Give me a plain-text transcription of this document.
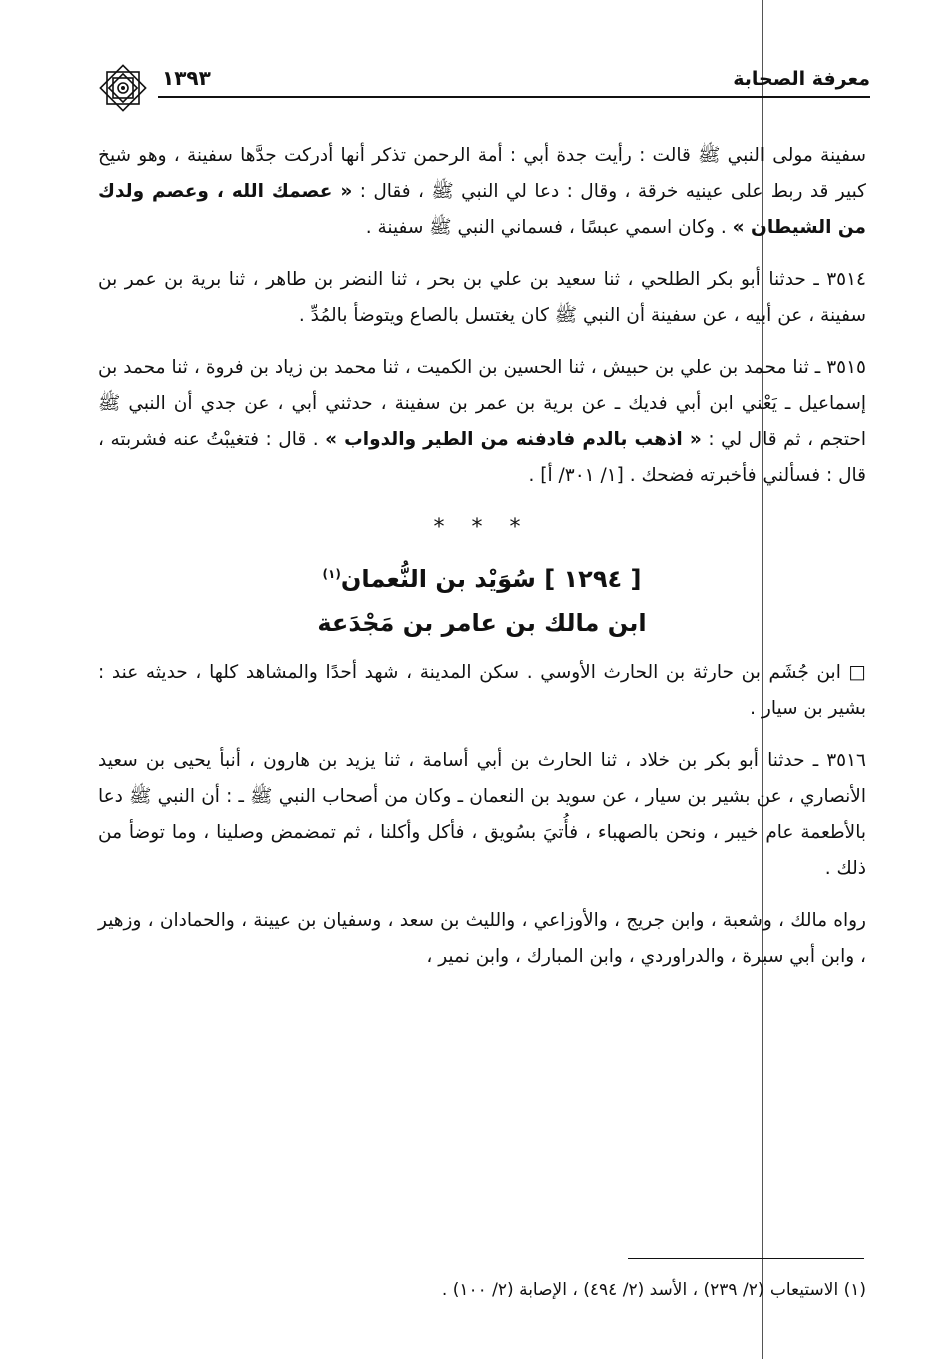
معرفة الصحابة
١٣٩٣

سفينة مولى النبي ﷺ قالت : رأيت جدة أبي : أمة الرحمن تذكر أنها أدركت جدَّها سفينة ، وهو شيخ كبير قد ربط على عينيه خرقة ، وقال : دعا لي النبي ﷺ ، فقال : « عصمك الله ، وعصم ولدك من الشيطان » . وكان اسمي عبسًا ، فسماني النبي ﷺ سفينة .

٣٥١٤ ـ حدثنا أبو بكر الطلحي ، ثنا سعيد بن علي بن بحر ، ثنا النضر بن طاهر ، ثنا برية بن عمر بن سفينة ، عن أبيه ، عن سفينة أن النبي ﷺ كان يغتسل بالصاع ويتوضأ بالمُدِّ .

٣٥١٥ ـ ثنا محمد بن علي بن حبيش ، ثنا الحسين بن الكميت ، ثنا محمد بن زياد بن فروة ، ثنا محمد بن إسماعيل ـ يَعْني ابن أبي فديك ـ عن برية بن عمر بن سفينة ، حدثني أبي ، عن جدي أن النبي ﷺ احتجم ، ثم قال لي : « اذهب بالدم فادفنه من الطير والدواب » . قال : فتغيبْتُ عنه فشربته ، قال : فسألني فأخبرته فضحك . [١/ ٣٠١/ أ] .

* * *
[ ١٢٩٤ ] سُوَيْد بن النُّعمان$^{(١)}$
ابن مالك بن عامر بن مَجْدَعة

□ ابن جُشَم بن حارثة بن الحارث الأوسي . سكن المدينة ، شهد أحدًا والمشاهد كلها ، حديثه عند : بشير بن سيار .

٣٥١٦ ـ حدثنا أبو بكر بن خلاد ، ثنا الحارث بن أبي أسامة ، ثنا يزيد بن هارون ، أنبأ يحيى بن سعيد الأنصاري ، عن بشير بن سيار ، عن سويد بن النعمان ـ وكان من أصحاب النبي ﷺ ـ : أن النبي ﷺ دعا بالأطعمة عام خيبر ، ونحن بالصهباء ، فأُتيَ بسُويق ، فأكل وأكلنا ، ثم تمضمض وصلينا ، وما توضأ من ذلك .

رواه مالك ، وشعبة ، وابن جريج ، والأوزاعي ، والليث بن سعد ، وسفيان بن عيينة ، والحمادان ، وزهير ، وابن أبي سبرة ، والدراوردي ، وابن المبارك ، وابن نمير ،

(١) الاستيعاب (٢/ ٢٣٩) ، الأسد (٢/ ٤٩٤) ، الإصابة (٢/ ١٠٠) .
